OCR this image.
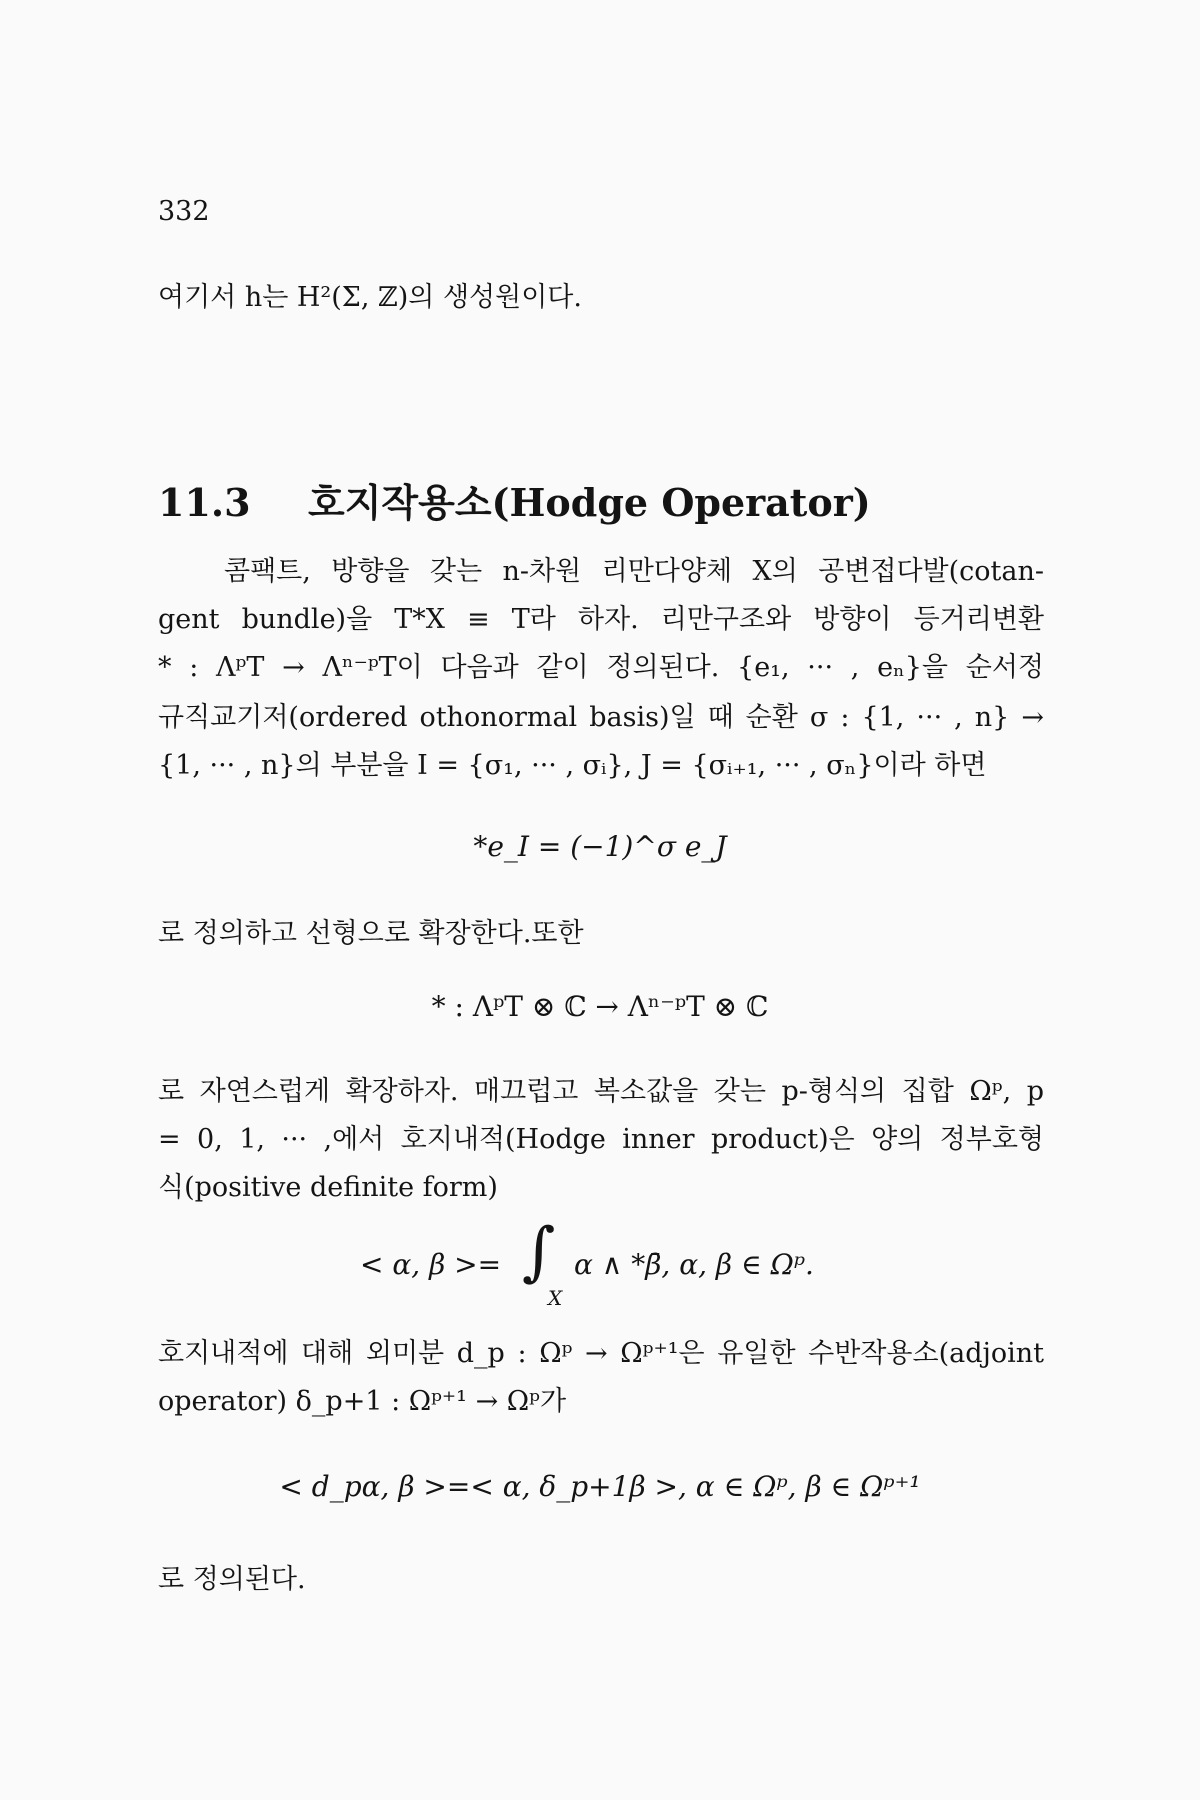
332
여기서 h는 H²(Σ, ℤ)의 생성원이다.
11.3 호지작용소(Hodge Operator)
콤팩트, 방향을 갖는 n-차원 리만다양체 X의 공변접다발(cotan-
gent bundle)을 T*X ≡ T라 하자. 리만구조와 방향이 등거리변환
* : ΛᵖT → Λⁿ⁻ᵖT이 다음과 같이 정의된다. {e₁, ··· , eₙ}을 순서정
규직교기저(ordered othonormal basis)일 때 순환 σ : {1, ··· , n} →
{1, ··· , n}의 부분을 I = {σ₁, ··· , σᵢ}, J = {σᵢ₊₁, ··· , σₙ}이라 하면
*e_I = (−1)^σ e_J
로 정의하고 선형으로 확장한다.또한
* : ΛᵖT ⊗ ℂ → Λⁿ⁻ᵖT ⊗ ℂ
로 자연스럽게 확장하자. 매끄럽고 복소값을 갖는 p-형식의 집합 Ωᵖ, p
= 0, 1, ··· ,에서 호지내적(Hodge inner product)은 양의 정부호형
식(positive definite form)
< α, β >= ∫
X
α ∧ *β̄, α, β ∈ Ωᵖ.
호지내적에 대해 외미분 d_p : Ωᵖ → Ωᵖ⁺¹은 유일한 수반작용소(adjoint
operator) δ_p+1 : Ωᵖ⁺¹ → Ωᵖ가
< d_pα, β >=< α, δ_p+1β >, α ∈ Ωᵖ, β ∈ Ωᵖ⁺¹
로 정의된다.
